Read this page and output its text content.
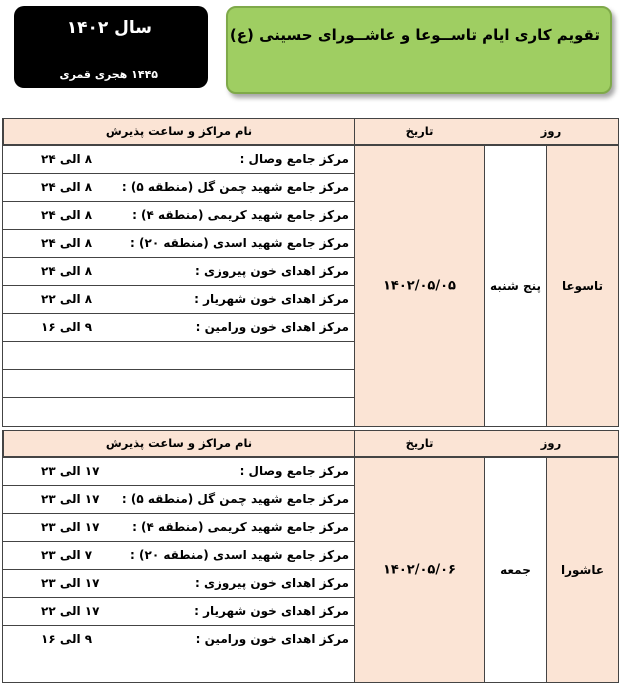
سال ۱۴۰۲
۱۴۴۵ هجری قمری
تقویم کاری ایام تاســوعا و عاشــورای حسینی (ع)
روز
تاریخ
نام مراکز و ساعت پذیرش
تاسوعا
پنج شنبه
۱۴۰۲/۰۵/۰۵
مرکز جامع وصال :
۸ الی ۲۴
مرکز جامع شهید چمن گل (منطقه ۵) :
۸ الی ۲۴
مرکز جامع شهید کریمی (منطقه ۴) :
۸ الی ۲۴
مرکز جامع شهید اسدی (منطقه ۲۰) :
۸ الی ۲۴
مرکز اهدای خون پیروزی :
۸ الی ۲۴
مرکز اهدای خون شهریار :
۸ الی ۲۲
مرکز اهدای خون ورامین :
۹ الی ۱۶
روز
تاریخ
نام مراکز و ساعت پذیرش
عاشورا
جمعه
۱۴۰۲/۰۵/۰۶
مرکز جامع وصال :
۱۷ الی ۲۳
مرکز جامع شهید چمن گل (منطقه ۵) :
۱۷ الی ۲۳
مرکز جامع شهید کریمی (منطقه ۴) :
۱۷ الی ۲۳
مرکز جامع شهید اسدی (منطقه ۲۰) :
۷ الی ۲۳
مرکز اهدای خون پیروزی :
۱۷ الی ۲۳
مرکز اهدای خون شهریار :
۱۷ الی ۲۲
مرکز اهدای خون ورامین :
۹ الی ۱۶
